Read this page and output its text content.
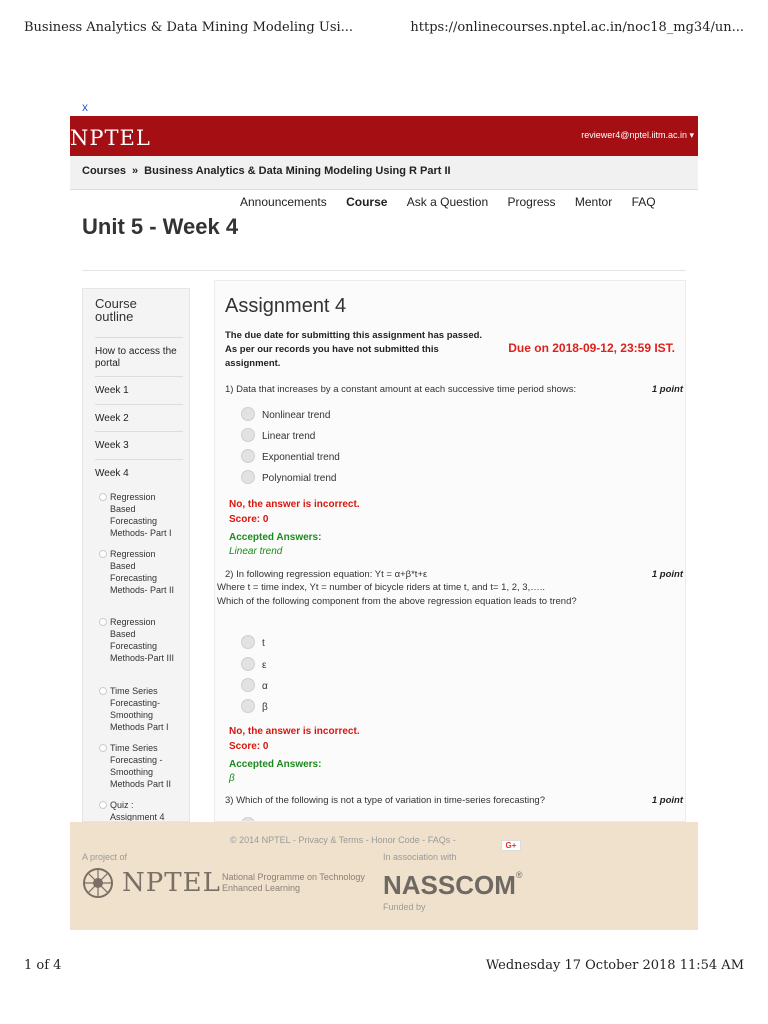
Business Analytics & Data Mining Modeling Usi...	https://onlinecourses.nptel.ac.in/noc18_mg34/un...
x
NPTEL	reviewer4@nptel.iitm.ac.in ▾
Courses » Business Analytics & Data Mining Modeling Using R Part II
Announcements Course Ask a Question Progress Mentor FAQ
Unit 5 - Week 4
Course outline
How to access the portal
Week 1
Week 2
Week 3
Week 4
Regression Based Forecasting Methods- Part I
Regression Based Forecasting Methods- Part II
Regression Based Forecasting Methods-Part III
Time Series Forecasting- Smoothing Methods Part I
Time Series Forecasting - Smoothing Methods Part II
Quiz : Assignment 4
Assignment 4
The due date for submitting this assignment has passed.
As per our records you have not submitted this assignment.
Due on 2018-09-12, 23:59 IST.
1) Data that increases by a constant amount at each successive time period shows:	1 point
Nonlinear trend
Linear trend
Exponential trend
Polynomial trend
No, the answer is incorrect.
Score: 0
Accepted Answers:
Linear trend
2) In following regression equation: Yt = α+β*t+ε
Where t = time index, Yt = number of bicycle riders at time t, and t= 1, 2, 3,…..
Which of the following component from the above regression equation leads to trend?
1 point
t
ε
α
β
No, the answer is incorrect.
Score: 0
Accepted Answers:
β
3) Which of the following is not a type of variation in time-series forecasting?	1 point
© 2014 NPTEL - Privacy & Terms - Honor Code - FAQs -
G+
A project of	In association with
NPTEL National Programme on Technology Enhanced Learning	NASSCOM®
Funded by
1 of 4	Wednesday 17 October 2018 11:54 AM
